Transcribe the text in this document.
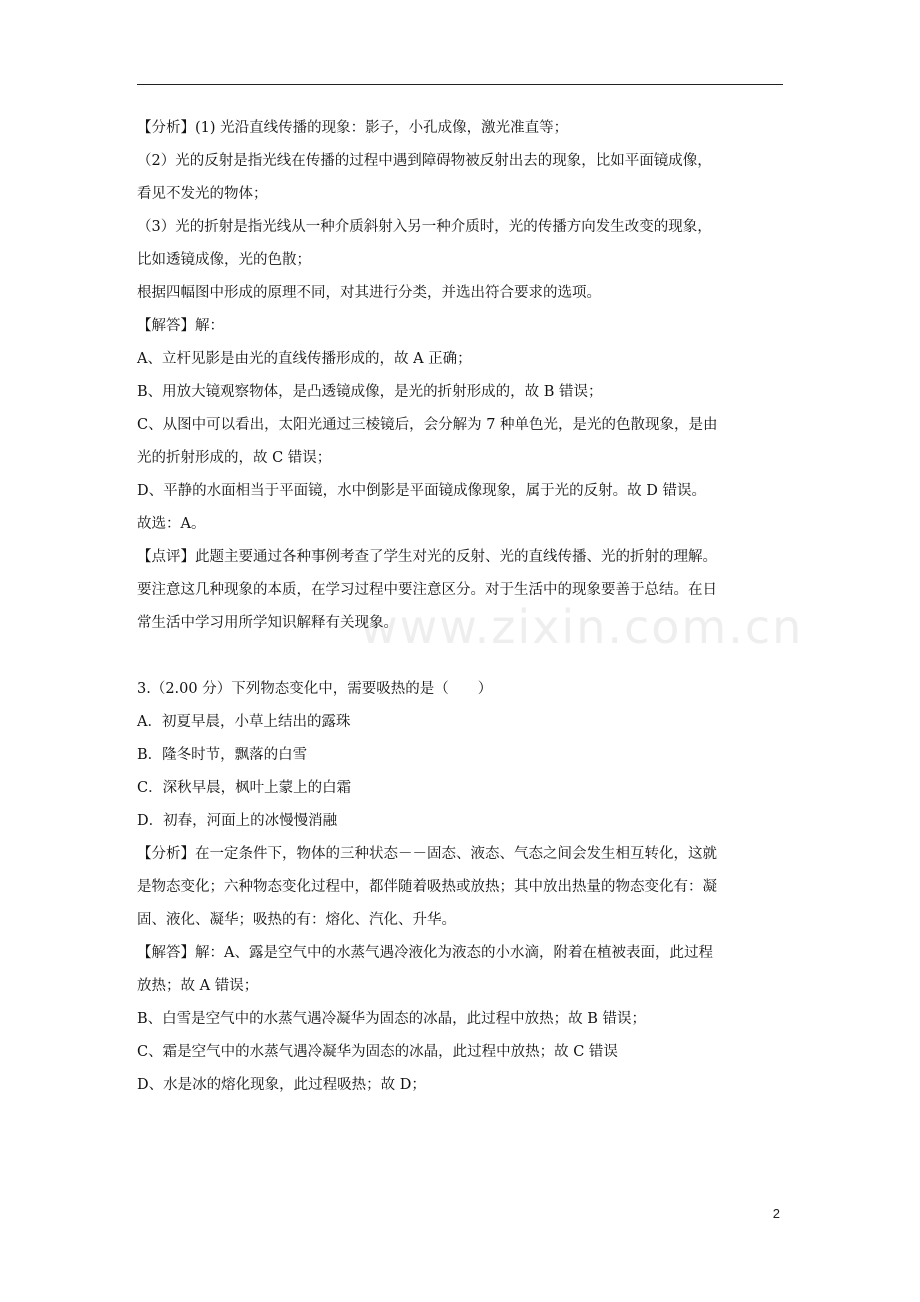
www.zixin.com.cn

【分析】(1) 光沿直线传播的现象：影子，小孔成像，激光准直等；

（2）光的反射是指光线在传播的过程中遇到障碍物被反射出去的现象，比如平面镜成像，

看见不发光的物体；

（3）光的折射是指光线从一种介质斜射入另一种介质时，光的传播方向发生改变的现象，

比如透镜成像，光的色散；

根据四幅图中形成的原理不同，对其进行分类，并选出符合要求的选项。

【解答】解：

A、立杆见影是由光的直线传播形成的，故 A 正确；

B、用放大镜观察物体，是凸透镜成像，是光的折射形成的，故 B 错误；

C、从图中可以看出，太阳光通过三棱镜后，会分解为 7 种单色光，是光的色散现象，是由

光的折射形成的，故 C 错误；

D、平静的水面相当于平面镜，水中倒影是平面镜成像现象，属于光的反射。故 D 错误。

故选：A。

【点评】此题主要通过各种事例考查了学生对光的反射、光的直线传播、光的折射的理解。

要注意这几种现象的本质，在学习过程中要注意区分。对于生活中的现象要善于总结。在日

常生活中学习用所学知识解释有关现象。

3.（2.00 分）下列物态变化中，需要吸热的是（　　）

A．初夏早晨，小草上结出的露珠

B．隆冬时节，飘落的白雪

C．深秋早晨，枫叶上蒙上的白霜

D．初春，河面上的冰慢慢消融

【分析】在一定条件下，物体的三种状态－－固态、液态、气态之间会发生相互转化，这就

是物态变化；六种物态变化过程中，都伴随着吸热或放热；其中放出热量的物态变化有：凝

固、液化、凝华；吸热的有：熔化、汽化、升华。

【解答】解：A、露是空气中的水蒸气遇冷液化为液态的小水滴，附着在植被表面，此过程

放热；故 A 错误；

B、白雪是空气中的水蒸气遇冷凝华为固态的冰晶，此过程中放热；故 B 错误；

C、霜是空气中的水蒸气遇冷凝华为固态的冰晶，此过程中放热；故 C 错误

D、水是冰的熔化现象，此过程吸热；故 D；

2
